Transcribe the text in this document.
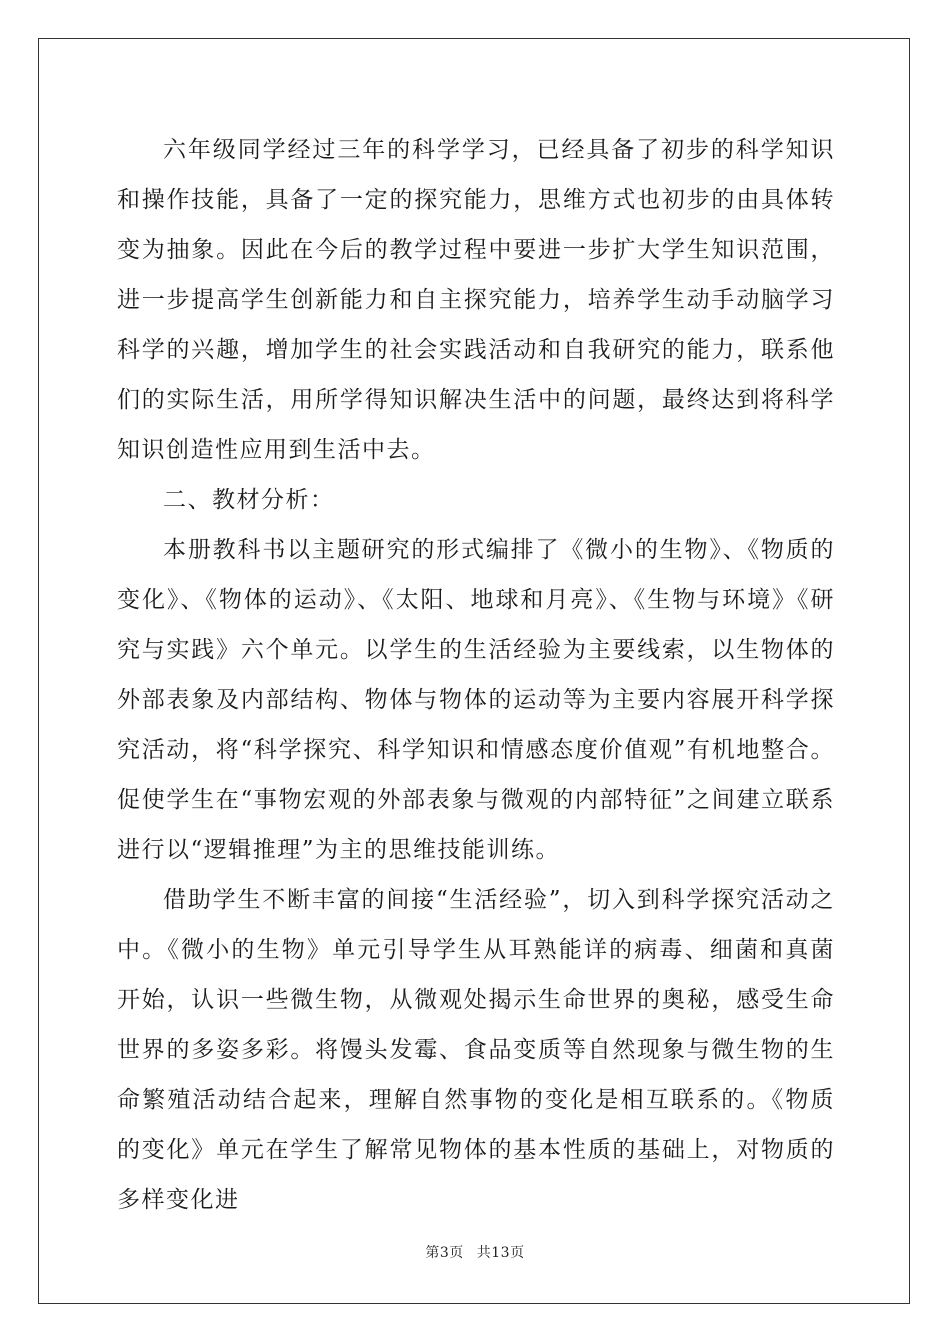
六年级同学经过三年的科学学习，已经具备了初步的科学知识和操作技能，具备了一定的探究能力，思维方式也初步的由具体转变为抽象。因此在今后的教学过程中要进一步扩大学生知识范围，进一步提高学生创新能力和自主探究能力，培养学生动手动脑学习科学的兴趣，增加学生的社会实践活动和自我研究的能力，联系他们的实际生活，用所学得知识解决生活中的问题，最终达到将科学知识创造性应用到生活中去。

二、教材分析：

本册教科书以主题研究的形式编排了《微小的生物》、《物质的变化》、《物体的运动》、《太阳、地球和月亮》、《生物与环境》《研究与实践》六个单元。以学生的生活经验为主要线索，以生物体的外部表象及内部结构、物体与物体的运动等为主要内容展开科学探究活动，将“科学探究、科学知识和情感态度价值观”有机地整合。促使学生在“事物宏观的外部表象与微观的内部特征”之间建立联系进行以“逻辑推理”为主的思维技能训练。

借助学生不断丰富的间接“生活经验”，切入到科学探究活动之中。《微小的生物》单元引导学生从耳熟能详的病毒、细菌和真菌开始，认识一些微生物，从微观处揭示生命世界的奥秘，感受生命世界的多姿多彩。将馒头发霉、食品变质等自然现象与微生物的生命繁殖活动结合起来，理解自然事物的变化是相互联系的。《物质的变化》单元在学生了解常见物体的基本性质的基础上，对物质的多样变化进

第3页 共13页
